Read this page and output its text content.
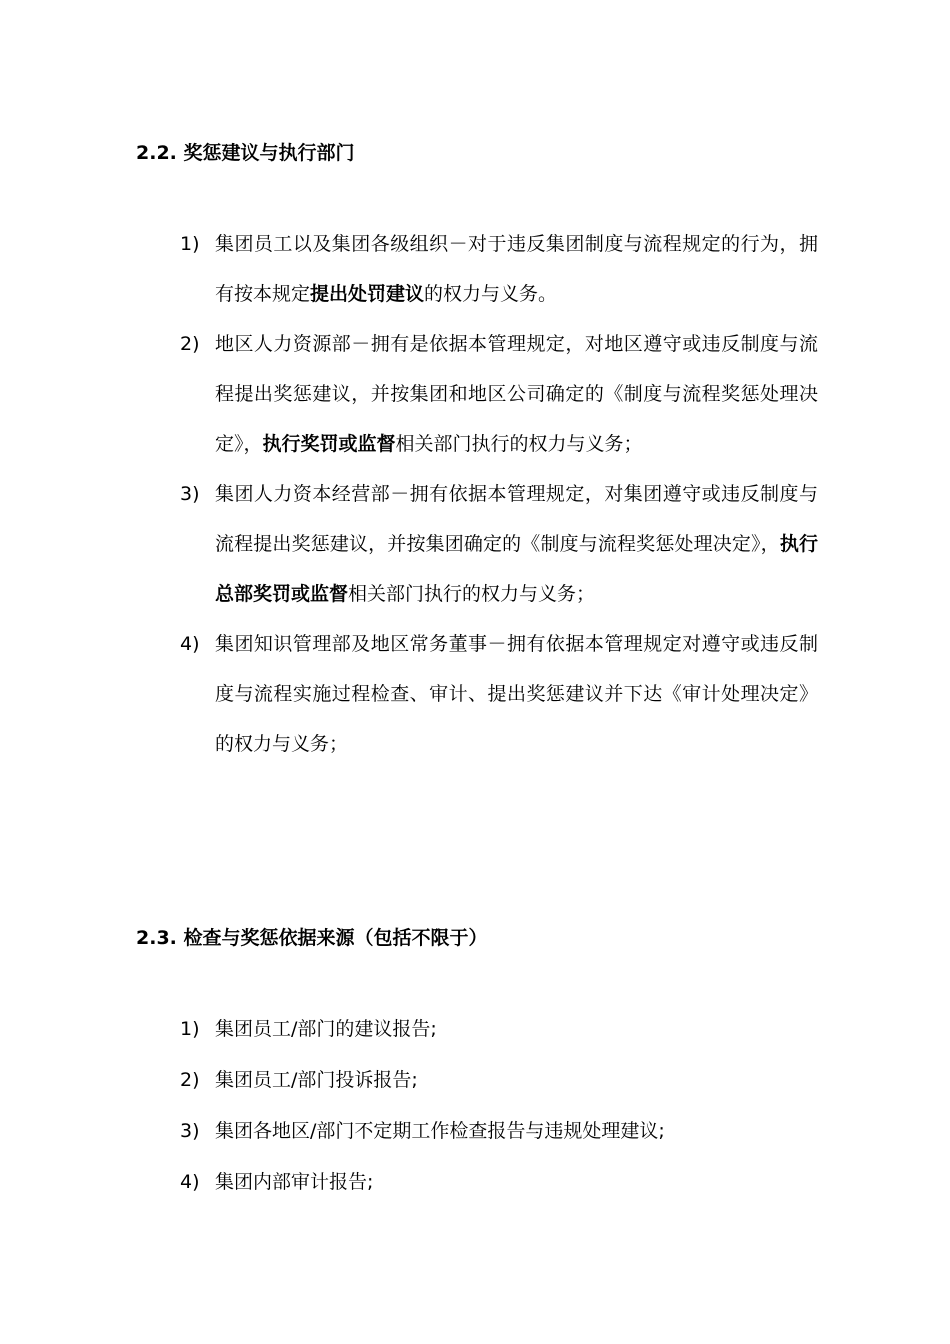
2.2. 奖惩建议与执行部门
1) 集团员工以及集团各级组织－对于违反集团制度与流程规定的行为，拥有按本规定提出处罚建议的权力与义务。
2) 地区人力资源部－拥有是依据本管理规定，对地区遵守或违反制度与流程提出奖惩建议，并按集团和地区公司确定的《制度与流程奖惩处理决定》，执行奖罚或监督相关部门执行的权力与义务；
3) 集团人力资本经营部－拥有依据本管理规定，对集团遵守或违反制度与流程提出奖惩建议，并按集团确定的《制度与流程奖惩处理决定》，执行总部奖罚或监督相关部门执行的权力与义务；
4) 集团知识管理部及地区常务董事－拥有依据本管理规定对遵守或违反制度与流程实施过程检查、审计、提出奖惩建议并下达《审计处理决定》的权力与义务；
2.3. 检查与奖惩依据来源（包括不限于）
1) 集团员工/部门的建议报告;
2) 集团员工/部门投诉报告;
3) 集团各地区/部门不定期工作检查报告与违规处理建议;
4) 集团内部审计报告;
